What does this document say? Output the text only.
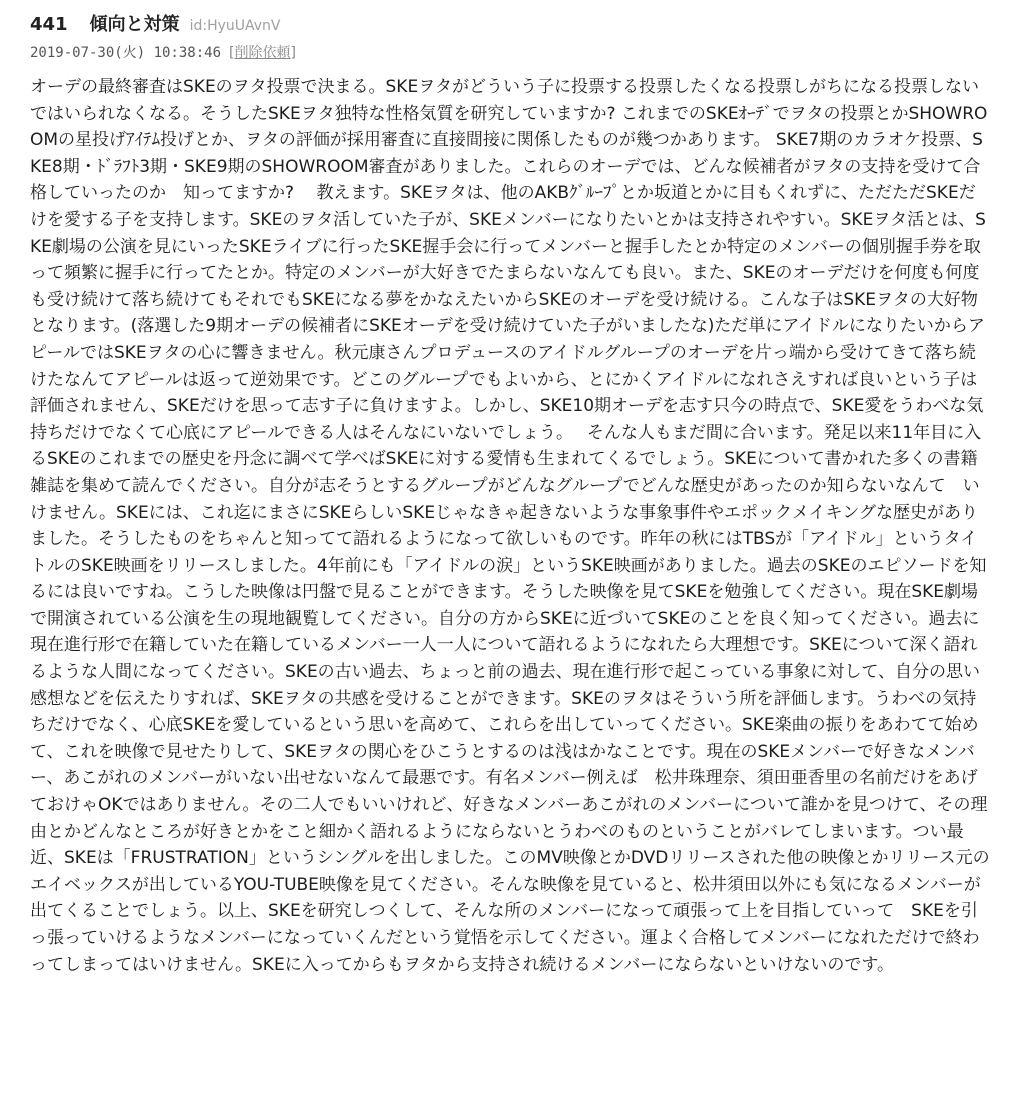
441 傾向と対策 id:HyuUAvnV
2019-07-30(火) 10:38:46 [削除依頼]
オーデの最終審査はSKEのヲタ投票で決まる。SKEヲタがどういう子に投票する投票したくなる投票しがちになる投票しないではいられなくなる。そうしたSKEヲタ独特な性格気質を研究していますか? これまでのSKEｵｰﾃﾞでヲタの投票とかSHOWROOMの星投げｱｲﾃﾑ投げとか、ヲタの評価が採用審査に直接間接に関係したものが幾つかあります。 SKE7期のカラオケ投票、SKE8期・ﾄﾞﾗﾌﾄ3期・SKE9期のSHOWROOM審査がありました。これらのオーデでは、どんな候補者がヲタの支持を受けて合格していったのか　知ってますか?　 教えます。SKEヲタは、他のAKBｸﾞﾙｰﾌﾟとか坂道とかに目もくれずに、ただただSKEだけを愛する子を支持します。SKEのヲタ活していた子が、SKEメンバーになりたいとかは支持されやすい。SKEヲタ活とは、SKE劇場の公演を見にいったSKEライブに行ったSKE握手会に行ってメンバーと握手したとか特定のメンバーの個別握手券を取って頻繁に握手に行ってたとか。特定のメンバーが大好きでたまらないなんても良い。また、SKEのオーデだけを何度も何度も受け続けて落ち続けてもそれでもSKEになる夢をかなえたいからSKEのオーデを受け続ける。こんな子はSKEヲタの大好物となります。(落選した9期オーデの候補者にSKEオーデを受け続けていた子がいましたな)ただ単にアイドルになりたいからアピールではSKEヲタの心に響きません。秋元康さんプロデュースのアイドルグループのオーデを片っ端から受けてきて落ち続けたなんてアピールは返って逆効果です。どこのグループでもよいから、とにかくアイドルになれさえすれば良いという子は評価されません、SKEだけを思って志す子に負けますよ。しかし、SKE10期オーデを志す只今の時点で、SKE愛をうわべな気持ちだけでなくて心底にアピールできる人はそんなにいないでしょう。　 そんな人もまだ間に合います。発足以来11年目に入るSKEのこれまでの歴史を丹念に調べて学べばSKEに対する愛情も生まれてくるでしょう。SKEについて書かれた多くの書籍雑誌を集めて読んでください。自分が志そうとするグループがどんなグループでどんな歴史があったのか知らないなんて　いけません。SKEには、これ迄にまさにSKEらしいSKEじゃなきゃ起きないような事象事件やエポックメイキングな歴史がありました。そうしたものをちゃんと知ってて語れるようになって欲しいものです。昨年の秋にはTBSが「アイドル」というタイトルのSKE映画をリリースしました。4年前にも「アイドルの涙」というSKE映画がありました。過去のSKEのエピソードを知るには良いですね。こうした映像は円盤で見ることができます。そうした映像を見てSKEを勉強してください。現在SKE劇場で開演されている公演を生の現地観覧してください。自分の方からSKEに近づいてSKEのことを良く知ってください。過去に現在進行形で在籍していた在籍しているメンバー一人一人について語れるようになれたら大理想です。SKEについて深く語れるような人間になってください。SKEの古い過去、ちょっと前の過去、現在進行形で起こっている事象に対して、自分の思い感想などを伝えたりすれば、SKEヲタの共感を受けることができます。SKEのヲタはそういう所を評価します。うわべの気持ちだけでなく、心底SKEを愛しているという思いを高めて、これらを出していってください。SKE楽曲の振りをあわてて始めて、これを映像で見せたりして、SKEヲタの関心をひこうとするのは浅はかなことです。現在のSKEメンバーで好きなメンバー、あこがれのメンバーがいない出せないなんて最悪です。有名メンバー例えば　松井珠理奈、須田亜香里の名前だけをあげておけゃOKではありません。その二人でもいいけれど、好きなメンバーあこがれのメンバーについて誰かを見つけて、その理由とかどんなところが好きとかをこと細かく語れるようにならないとうわべのものということがバレてしまいます。つい最近、SKEは「FRUSTRATION」というシングルを出しました。このMV映像とかDVDリリースされた他の映像とかリリース元のエイベックスが出しているYOU-TUBE映像を見てください。そんな映像を見ていると、松井須田以外にも気になるメンバーが出てくることでしょう。以上、SKEを研究しつくして、そんな所のメンバーになって頑張って上を目指していって　SKEを引っ張っていけるようなメンバーになっていくんだという覚悟を示してください。運よく合格してメンバーになれただけで終わってしまってはいけません。SKEに入ってからもヲタから支持され続けるメンバーにならないといけないのです。
